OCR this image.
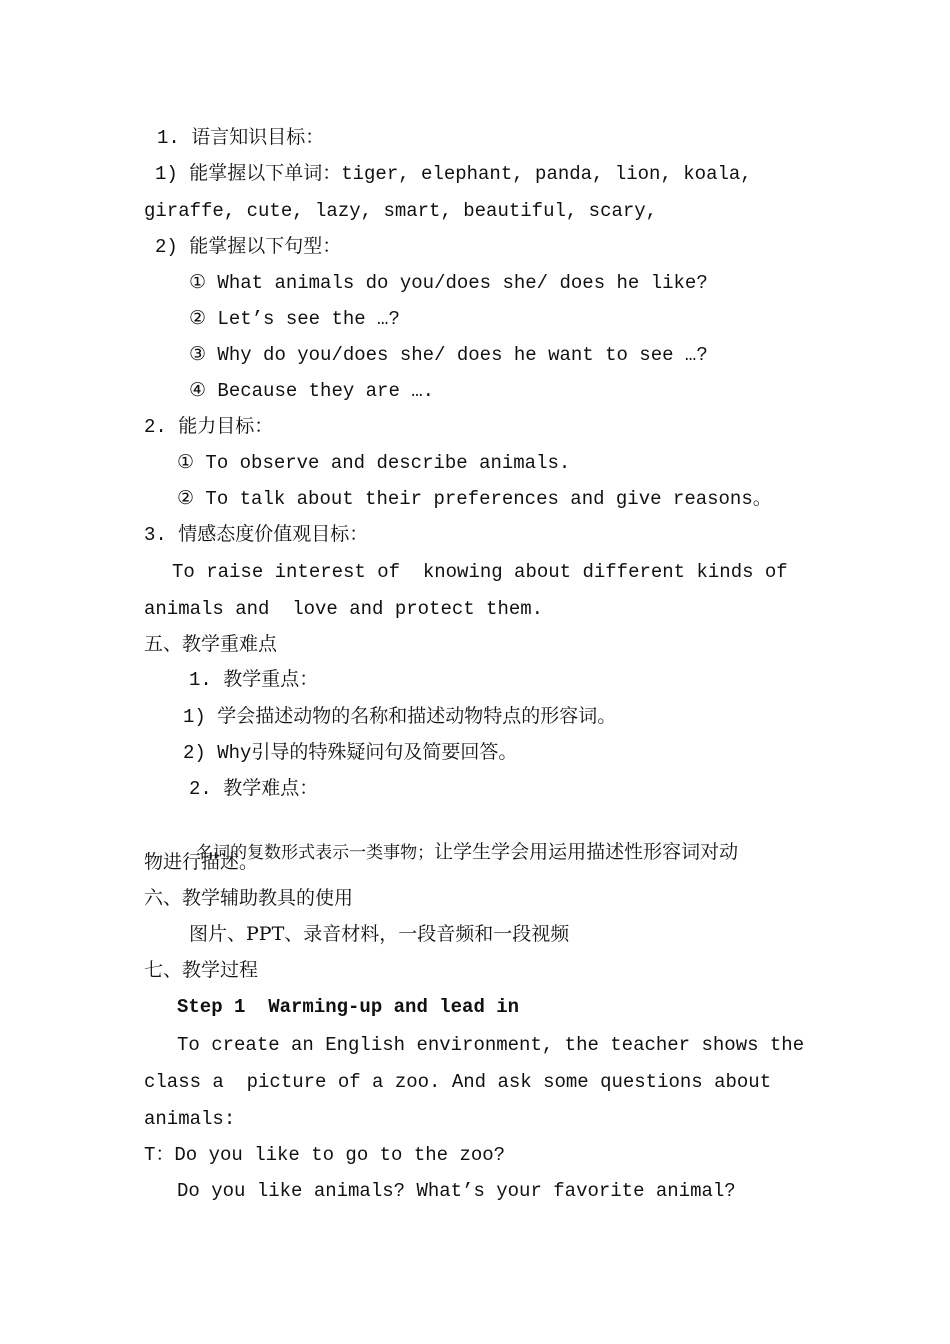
1. 语言知识目标：
1) 能掌握以下单词：tiger, elephant, panda, lion, koala,
giraffe, cute, lazy, smart, beautiful, scary,
2) 能掌握以下句型：
① What animals do you/does she/ does he like?
② Let’s see the …?
③ Why do you/does she/ does he want to see …?
④ Because they are ….
2. 能力目标：
① To observe and describe animals.
② To talk about their preferences and give reasons。
3. 情感态度价值观目标：
To raise interest of  knowing about different kinds of
animals and  love and protect them.
五、教学重难点
1. 教学重点：
1) 学会描述动物的名称和描述动物特点的形容词。
2) Why引导的特殊疑问句及简要回答。
2. 教学难点：

名词的复数形式表示一类事物；让学生学会用运用描述性形容词对动

物进行描述。
六、教学辅助教具的使用
图片、PPT、录音材料，一段音频和一段视频
七、教学过程
Step 1  Warming-up and lead in
To create an English environment, the teacher shows the
class a  picture of a zoo. And ask some questions about
animals:
T：Do you like to go to the zoo?
Do you like animals? What’s your favorite animal?
